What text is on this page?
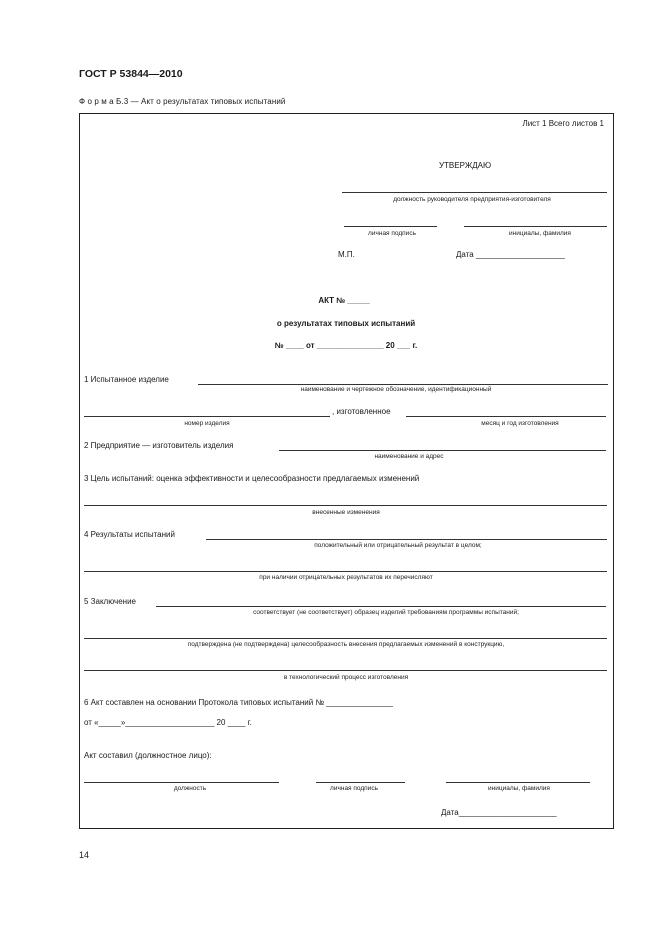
ГОСТ Р 53844—2010
Ф о р м а Б.3 — Акт о результатах типовых испытаний
Лист 1 Всего листов 1
УТВЕРЖДАЮ
должность руководителя предприятия-изготовителя
личная подпись	инициалы, фамилия
М.П.	Дата ____________________
АКТ № _____
о результатах типовых испытаний
№ ____ от _______________ 20 ___ г.
1 Испытанное изделие
наименование и чертежное обозначение, идентификационный
, изготовленное
номер изделия	месяц и год изготовления
2 Предприятие — изготовитель изделия
наименование и адрес
3 Цель испытаний: оценка эффективности и целесообразности предлагаемых изменений
внесенные изменения
4 Результаты испытаний
положительный или отрицательный результат в целом;
при наличии отрицательных результатов их перечисляют
5 Заключение
соответствует (не соответствует) образец изделий требованиям программы испытаний;
подтверждена (не подтверждена) целесообразность внесения предлагаемых изменений в конструкцию,
в технологический процесс изготовления
6 Акт составлен на основании Протокола типовых испытаний № _______________
от «_____»____________________ 20 ____ г.
Акт составил (должностное лицо):
должность	личная подпись	инициалы, фамилия
Дата______________________
14
